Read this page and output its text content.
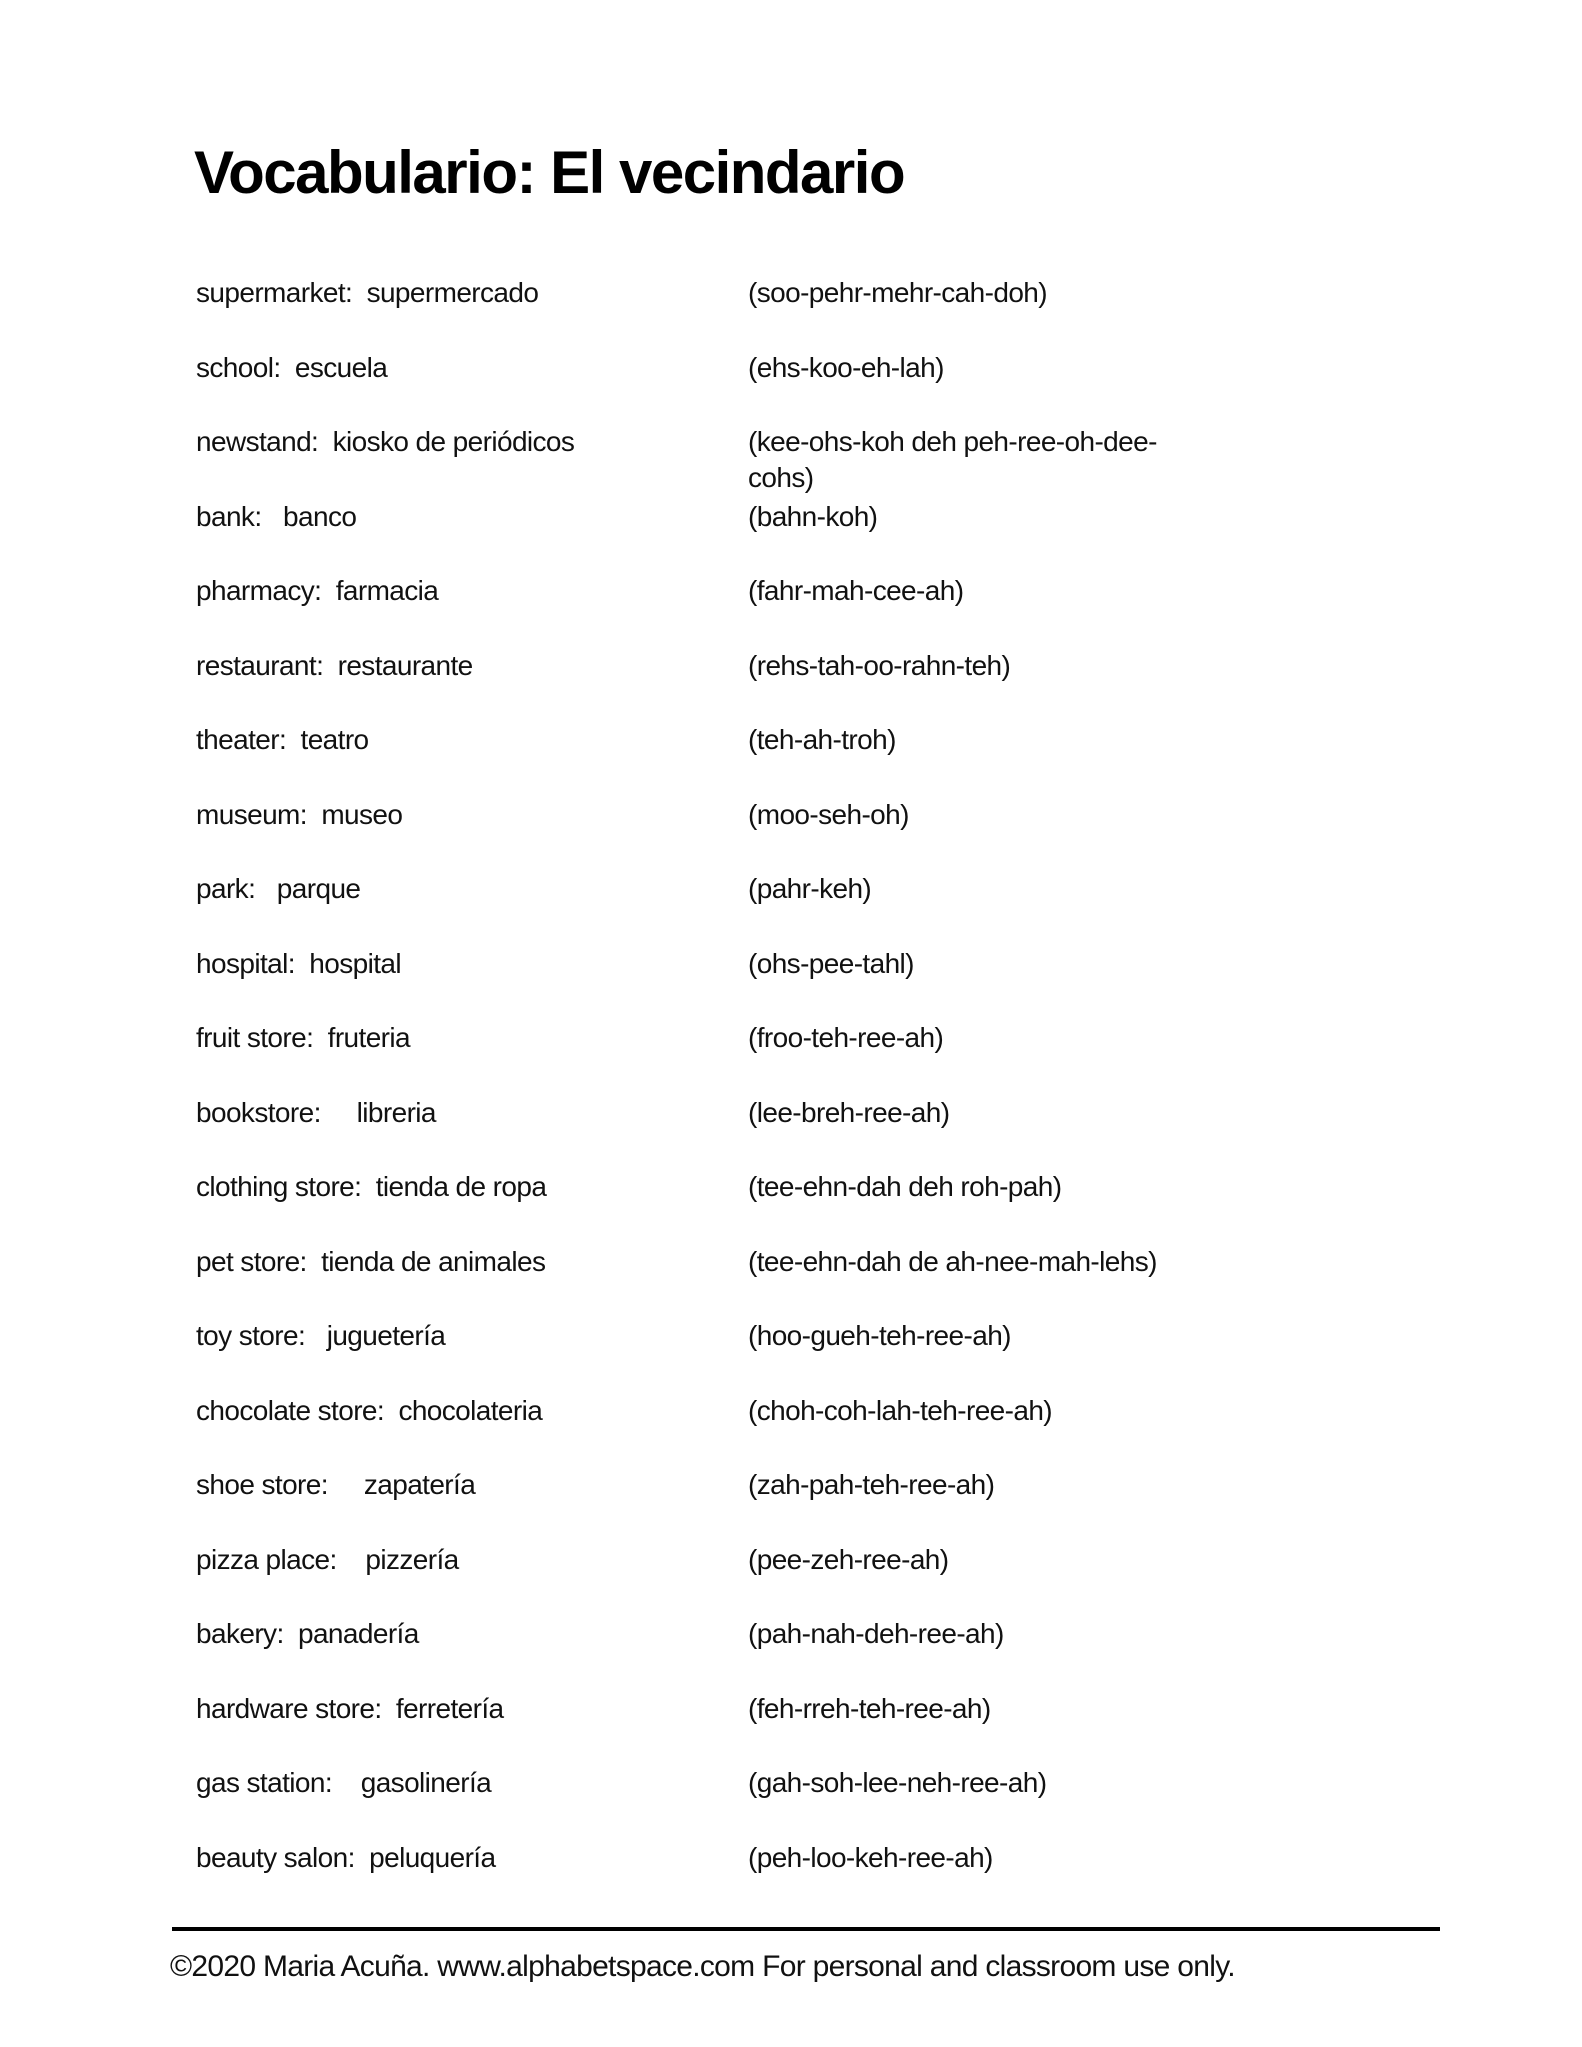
Vocabulario: El vecindario
supermarket: supermercado	(soo-pehr-mehr-cah-doh)
school: escuela	(ehs-koo-eh-lah)
newstand: kiosko de periódicos	(kee-ohs-koh deh peh-ree-oh-dee-cohs)
bank: banco	(bahn-koh)
pharmacy: farmacia	(fahr-mah-cee-ah)
restaurant: restaurante	(rehs-tah-oo-rahn-teh)
theater: teatro	(teh-ah-troh)
museum: museo	(moo-seh-oh)
park: parque	(pahr-keh)
hospital: hospital	(ohs-pee-tahl)
fruit store: fruteria	(froo-teh-ree-ah)
bookstore: libreria	(lee-breh-ree-ah)
clothing store: tienda de ropa	(tee-ehn-dah deh roh-pah)
pet store: tienda de animales	(tee-ehn-dah de ah-nee-mah-lehs)
toy store: juguetería	(hoo-gueh-teh-ree-ah)
chocolate store: chocolateria	(choh-coh-lah-teh-ree-ah)
shoe store: zapatería	(zah-pah-teh-ree-ah)
pizza place: pizzería	(pee-zeh-ree-ah)
bakery: panadería	(pah-nah-deh-ree-ah)
hardware store: ferretería	(feh-rreh-teh-ree-ah)
gas station: gasolinería	(gah-soh-lee-neh-ree-ah)
beauty salon: peluquería	(peh-loo-keh-ree-ah)
©2020 Maria Acuña. www.alphabetspace.com For personal and classroom use only.
